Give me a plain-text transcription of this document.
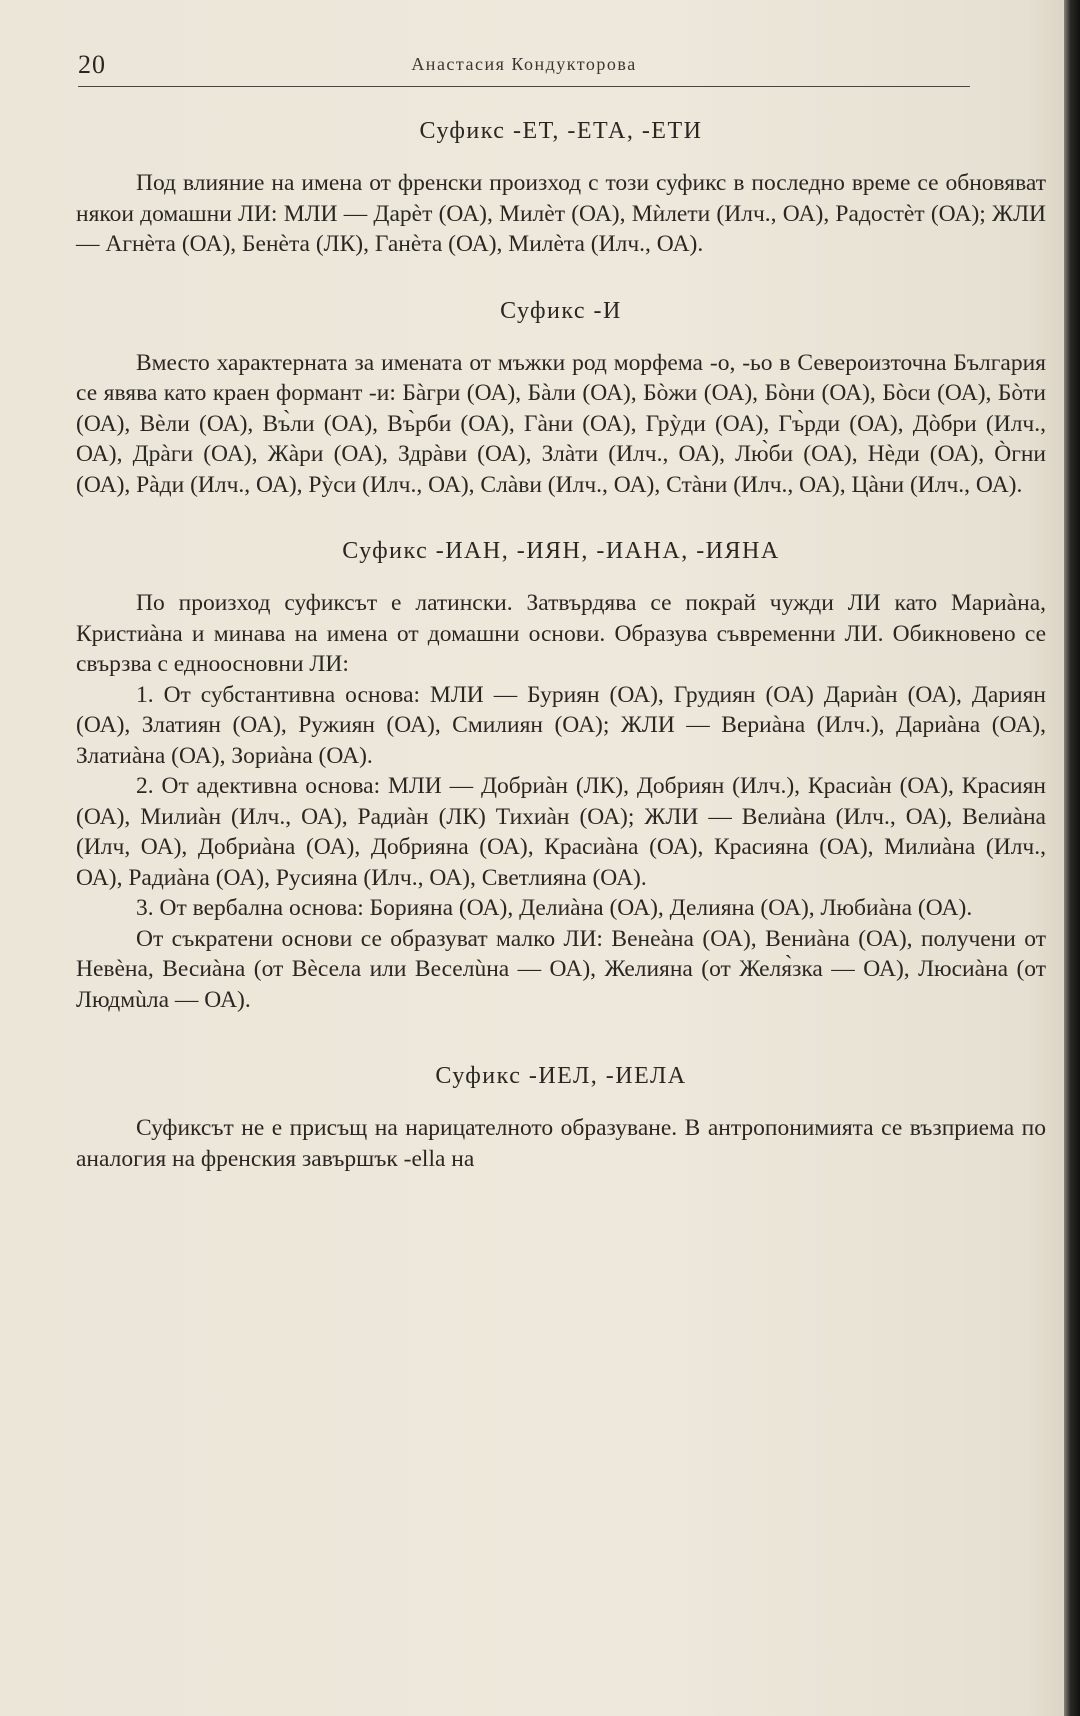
20	Анастасия Кондукторова
Суфикс -ЕТ, -ЕТА, -ЕТИ

Под влияние на имена от френски произход с този суфикс в последно време се обновяват някои домашни ЛИ: МЛИ — Дарèт (ОА), Милèт (ОА), Мѝлети (Илч., ОА), Радостèт (ОА); ЖЛИ — Агнèта (ОА), Бенèта (ЛК), Ганèта (ОА), Милèта (Илч., ОА).

Суфикс -И

Вместо характерната за имената от мъжки род морфема -о, -ьо в Североизточна България се явява като краен формант -и: Бàгри (ОА), Бàли (ОА), Бòжи (ОА), Бòни (ОА), Бòси (ОА), Бòти (ОА), Вèли (ОА), Въ̀ли (ОА), Въ̀рби (ОА), Гàни (ОА), Грỳди (ОА), Гъ̀рди (ОА), Дòбри (Илч., ОА), Дрàги (ОА), Жàри (ОА), Здрàви (ОА), Злàти (Илч., ОА), Лю̀би (ОА), Нèди (ОА), Òгни (ОА), Рàди (Илч., ОА), Рỳси (Илч., ОА), Слàви (Илч., ОА), Стàни (Илч., ОА), Цàни (Илч., ОА).

Суфикс -ИАН, -ИЯН, -ИАНА, -ИЯНА

По произход суфиксът е латински. Затвърдява се покрай чужди ЛИ като Мариàна, Кристиàна и минава на имена от домашни основи. Образува съвременни ЛИ. Обикновено се свързва с едноосновни ЛИ:

1. От субстантивна основа: МЛИ — Буриян (ОА), Грудиян (ОА) Дариàн (ОА), Дариян (ОА), Златиян (ОА), Ружиян (ОА), Смилиян (ОА); ЖЛИ — Вериàна (Илч.), Дариàна (ОА), Златиàна (ОА), Зориàна (ОА).

2. От адективна основа: МЛИ — Добриàн (ЛК), Добриян (Илч.), Красиàн (ОА), Красиян (ОА), Милиàн (Илч., ОА), Радиàн (ЛК) Тихиàн (ОА); ЖЛИ — Велиàна (Илч., ОА), Велиàна (Илч, ОА), Добриàна (ОА), Добрияна (ОА), Красиàна (ОА), Красияна (ОА), Милиàна (Илч., ОА), Радиàна (ОА), Русияна (Илч., ОА), Светлияна (ОА).

3. От вербална основа: Борияна (ОА), Делиàна (ОА), Делияна (ОА), Любиàна (ОА).

От съкратени основи се образуват малко ЛИ: Венеàна (ОА), Вениàна (ОА), получени от Невèна, Весиàна (от Вèсела или Веселùна — ОА), Желияна (от Желя̀зка — ОА), Люсиàна (от Людмùла — ОА).

Суфикс -ИЕЛ, -ИЕЛА

Суфиксът не е присъщ на нарицателното образуване. В антропонимията се възприема по аналогия на френския завършък -ella на
